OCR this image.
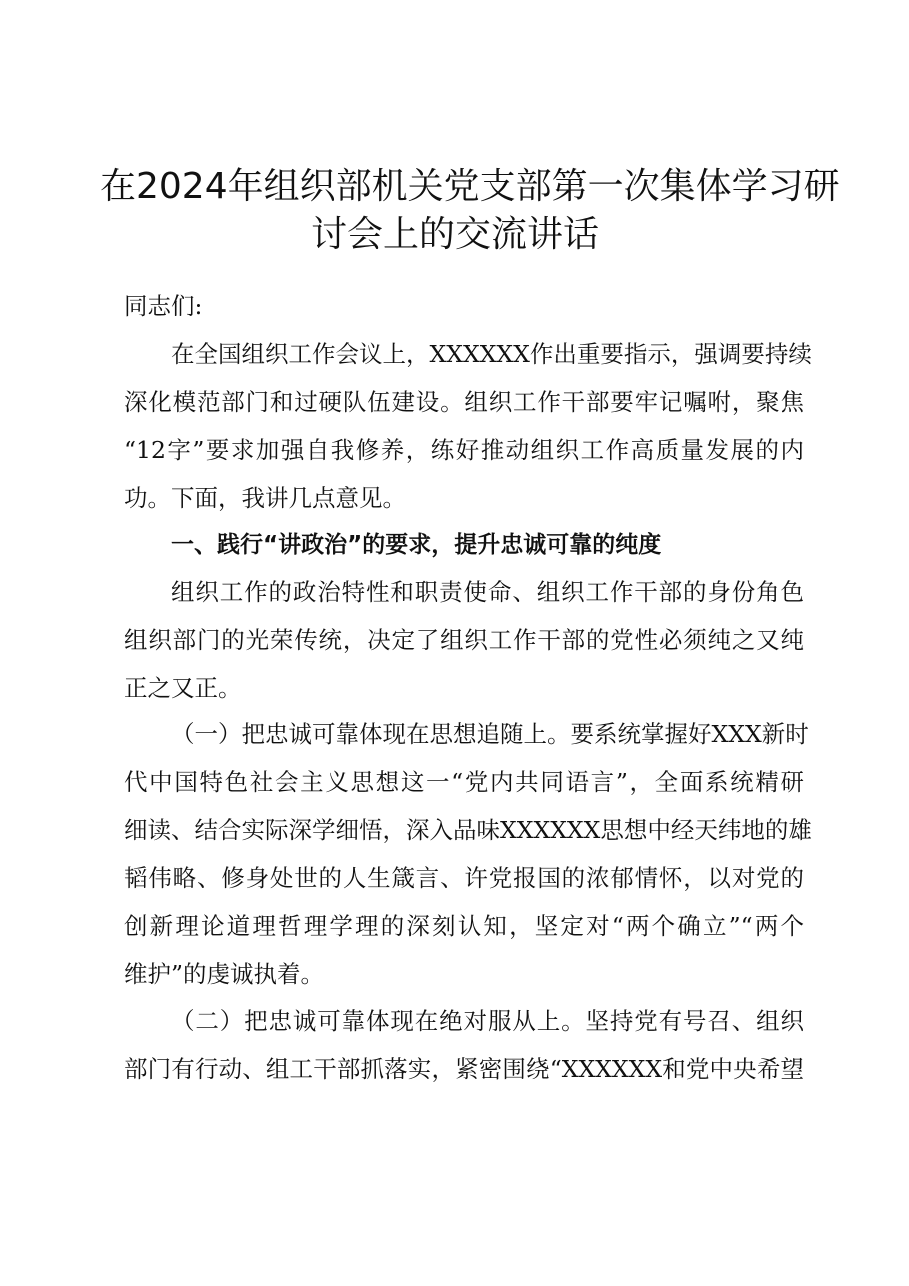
在2024年组织部机关党支部第一次集体学习研
讨会上的交流讲话
同志们:
在全国组织工作会议上，XXXXXX作出重要指示，强调要持续
深化模范部门和过硬队伍建设。组织工作干部要牢记嘱咐，聚焦
“12字”要求加强自我修养，练好推动组织工作高质量发展的内
功。下面，我讲几点意见。
一、践行“讲政治”的要求，提升忠诚可靠的纯度
组织工作的政治特性和职责使命、组织工作干部的身份角色
组织部门的光荣传统，决定了组织工作干部的党性必须纯之又纯
正之又正。
（一）把忠诚可靠体现在思想追随上。要系统掌握好XXX新时
代中国特色社会主义思想这一“党内共同语言”，全面系统精研
细读、结合实际深学细悟，深入品味XXXXXX思想中经天纬地的雄
韬伟略、修身处世的人生箴言、许党报国的浓郁情怀，以对党的
创新理论道理哲理学理的深刻认知，坚定对“两个确立”“两个
维护”的虔诚执着。
（二）把忠诚可靠体现在绝对服从上。坚持党有号召、组织
部门有行动、组工干部抓落实，紧密围绕“XXXXXX和党中央希望
